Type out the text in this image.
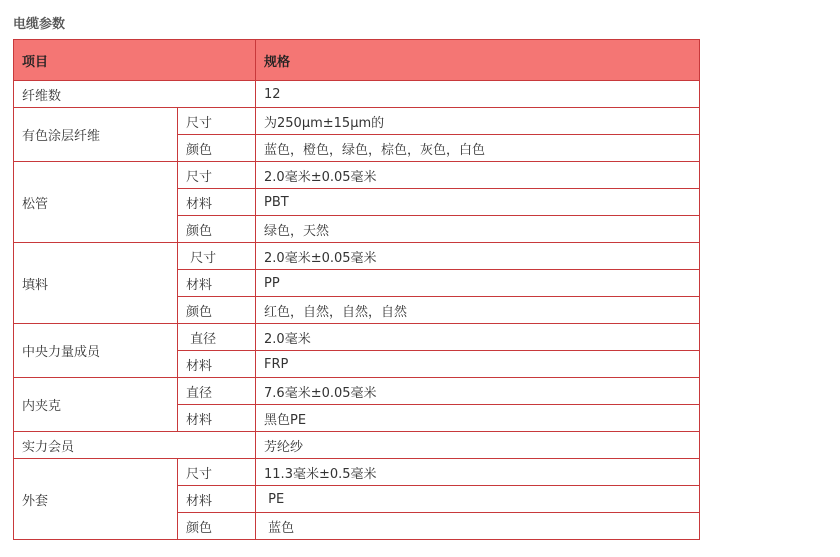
电缆参数
项目		规格
纤维数		12
有色涂层纤维	尺寸	为250μm±15μm的
	颜色	蓝色，橙色，绿色，棕色，灰色，白色
松管	尺寸	2.0毫米±0.05毫米
	材料	PBT
	颜色	绿色，天然
填料	尺寸	2.0毫米±0.05毫米
	材料	PP
	颜色	红色，自然，自然，自然
中央力量成员	直径	2.0毫米
	材料	FRP
内夹克	直径	7.6毫米±0.05毫米
	材料	黑色PE
实力会员		芳纶纱
外套	尺寸	11.3毫米±0.5毫米
	材料	PE
	颜色	蓝色
